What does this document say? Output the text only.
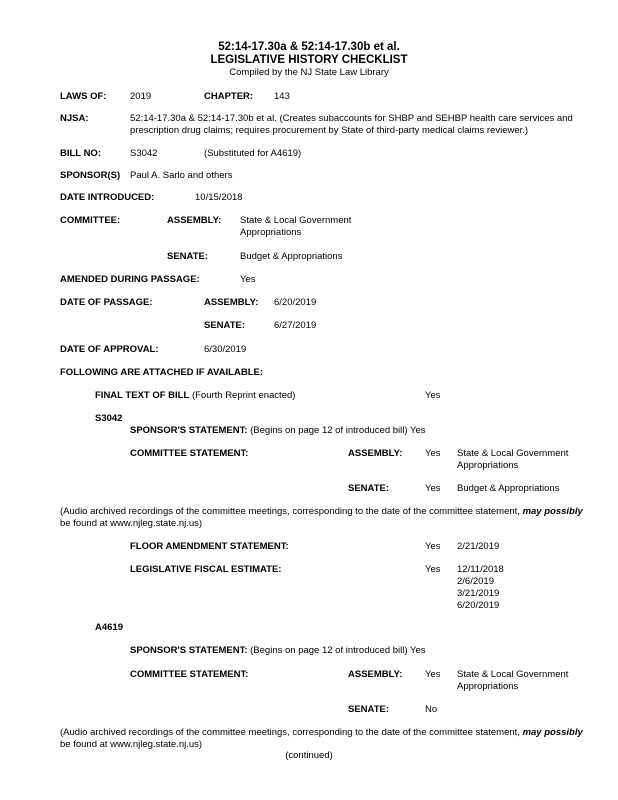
52:14-17.30a & 52:14-17.30b et al.
LEGISLATIVE HISTORY CHECKLIST
Compiled by the NJ State Law Library
LAWS OF: 2019	CHAPTER: 143
NJSA:	52:14-17.30a & 52:14-17.30b et al. (Creates subaccounts for SHBP and SEHBP health care services and
prescription drug claims; requires procurement by State of third-party medical claims reviewer.)
BILL NO:	S3042	(Substituted for A4619)
SPONSOR(S) Paul A. Sarlo and others
DATE INTRODUCED:	10/15/2018
COMMITTEE:	ASSEMBLY: State & Local Government
Appropriations
SENATE:	Budget & Appropriations
AMENDED DURING PASSAGE:	Yes
DATE OF PASSAGE:	ASSEMBLY: 6/20/2019
SENATE:	6/27/2019
DATE OF APPROVAL:	6/30/2019
FOLLOWING ARE ATTACHED IF AVAILABLE:
FINAL TEXT OF BILL (Fourth Reprint enacted)	Yes
S3042
SPONSOR'S STATEMENT: (Begins on page 12 of introduced bill) Yes
COMMITTEE STATEMENT:	ASSEMBLY: Yes State & Local Government
Appropriations
SENATE:	Yes Budget & Appropriations
(Audio archived recordings of the committee meetings, corresponding to the date of the committee statement, may possibly
be found at www.njleg.state.nj.us)
FLOOR AMENDMENT STATEMENT:	Yes 2/21/2019
LEGISLATIVE FISCAL ESTIMATE:	Yes 12/11/2018
2/6/2019
3/21/2019
6/20/2019
A4619
SPONSOR'S STATEMENT: (Begins on page 12 of introduced bill) Yes
COMMITTEE STATEMENT:	ASSEMBLY: Yes State & Local Government
Appropriations
SENATE:	No
(Audio archived recordings of the committee meetings, corresponding to the date of the committee statement, may possibly
be found at www.njleg.state.nj.us)
(continued)
